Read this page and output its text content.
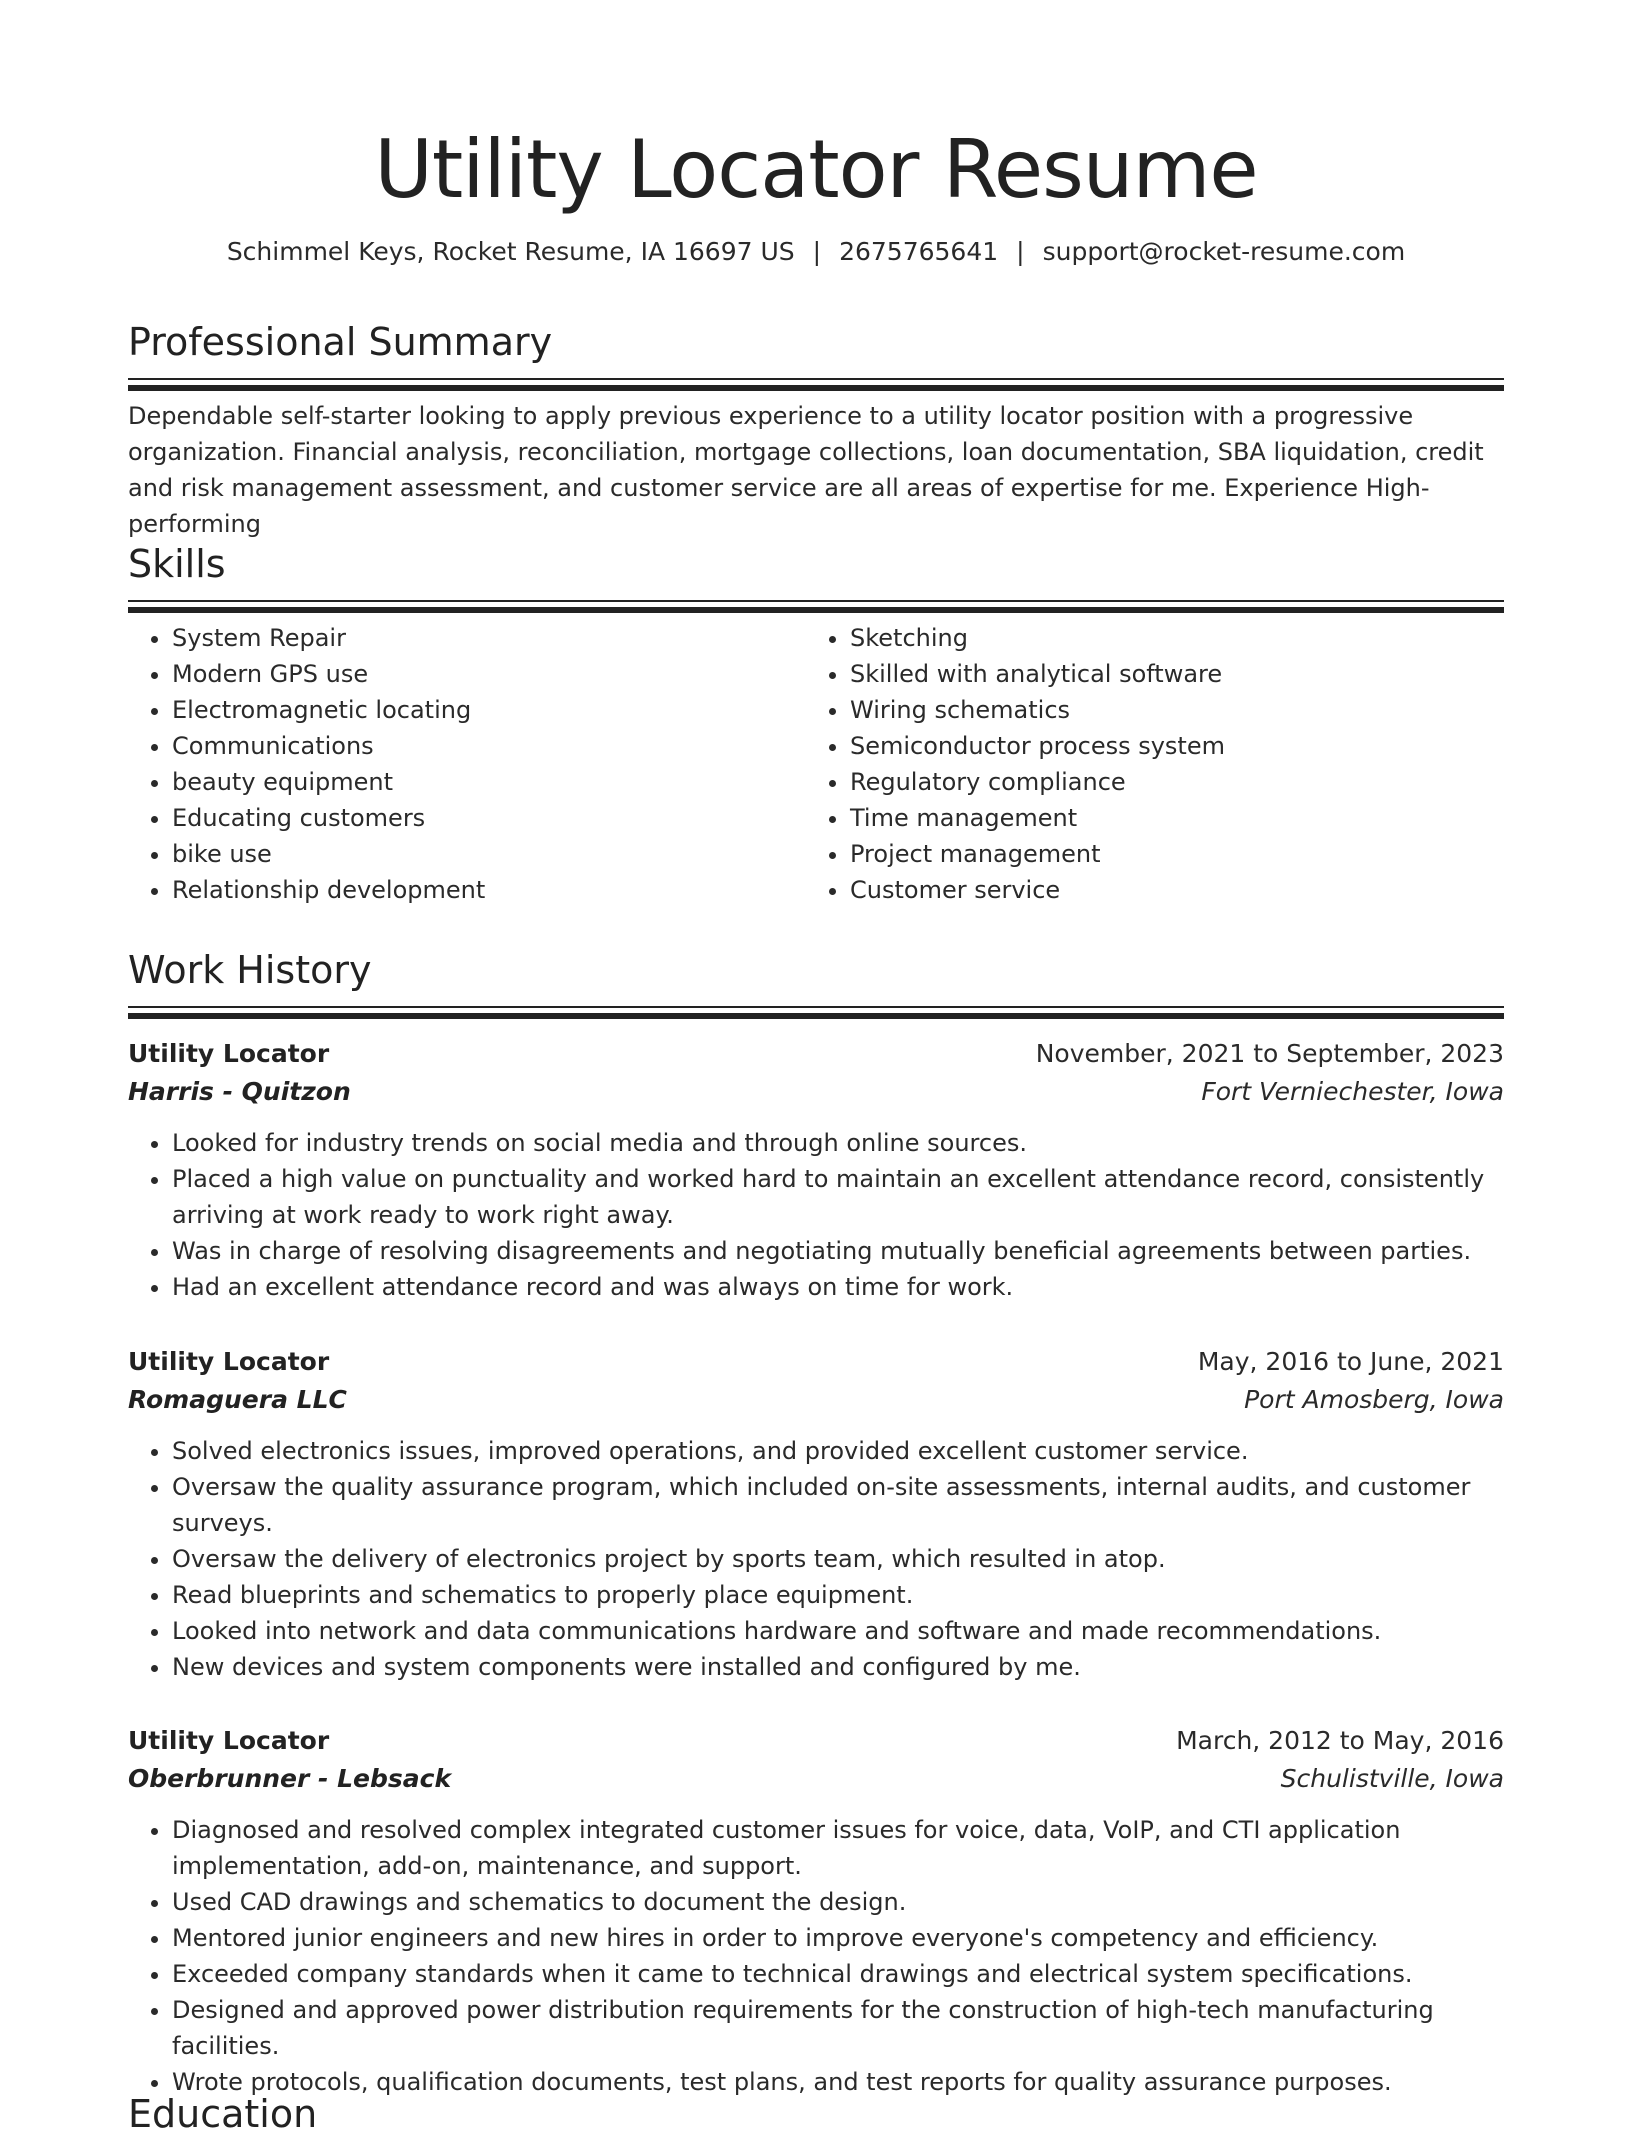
Utility Locator Resume
Schimmel Keys, Rocket Resume, IA 16697 US | 2675765641 | support@rocket-resume.com
Professional Summary
Dependable self-starter looking to apply previous experience to a utility locator position with a progressive organization. Financial analysis, reconciliation, mortgage collections, loan documentation, SBA liquidation, credit and risk management assessment, and customer service are all areas of expertise for me. Experience High-performing
Skills
• System Repair
• Modern GPS use
• Electromagnetic locating
• Communications
• beauty equipment
• Educating customers
• bike use
• Relationship development
• Sketching
• Skilled with analytical software
• Wiring schematics
• Semiconductor process system
• Regulatory compliance
• Time management
• Project management
• Customer service
Work History
Utility Locator	November, 2021 to September, 2023
Harris - Quitzon	Fort Verniechester, Iowa
• Looked for industry trends on social media and through online sources.
• Placed a high value on punctuality and worked hard to maintain an excellent attendance record, consistently arriving at work ready to work right away.
• Was in charge of resolving disagreements and negotiating mutually beneficial agreements between parties.
• Had an excellent attendance record and was always on time for work.
Utility Locator	May, 2016 to June, 2021
Romaguera LLC	Port Amosberg, Iowa
• Solved electronics issues, improved operations, and provided excellent customer service.
• Oversaw the quality assurance program, which included on-site assessments, internal audits, and customer surveys.
• Oversaw the delivery of electronics project by sports team, which resulted in atop.
• Read blueprints and schematics to properly place equipment.
• Looked into network and data communications hardware and software and made recommendations.
• New devices and system components were installed and configured by me.
Utility Locator	March, 2012 to May, 2016
Oberbrunner - Lebsack	Schulistville, Iowa
• Diagnosed and resolved complex integrated customer issues for voice, data, VoIP, and CTI application implementation, add-on, maintenance, and support.
• Used CAD drawings and schematics to document the design.
• Mentored junior engineers and new hires in order to improve everyone's competency and efficiency.
• Exceeded company standards when it came to technical drawings and electrical system specifications.
• Designed and approved power distribution requirements for the construction of high-tech manufacturing facilities.
• Wrote protocols, qualification documents, test plans, and test reports for quality assurance purposes.
Education
